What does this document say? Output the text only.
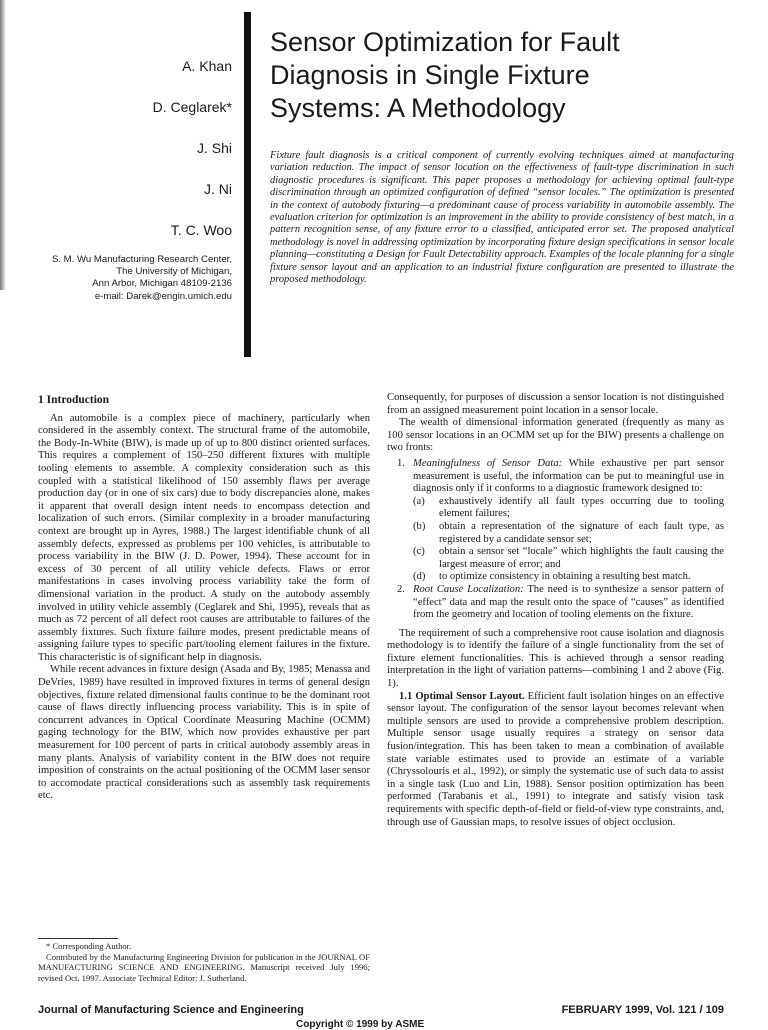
A. Khan
D. Ceglarek*
J. Shi
J. Ni
T. C. Woo
S. M. Wu Manufacturing Research Center,
The University of Michigan,
Ann Arbor, Michigan 48109-2136
e-mail: Darek@engin.umich.edu
Sensor Optimization for Fault
Diagnosis in Single Fixture
Systems: A Methodology
Fixture fault diagnosis is a critical component of currently evolving techniques aimed at manufacturing variation reduction. The impact of sensor location on the effectiveness of fault-type discrimination in such diagnostic procedures is significant. This paper proposes a methodology for achieving optimal fault-type discrimination through an optimized configuration of defined “sensor locales.” The optimization is presented in the context of autobody fixturing—a predominant cause of process variability in automobile assembly. The evaluation criterion for optimization is an improvement in the ability to provide consistency of best match, in a pattern recognition sense, of any fixture error to a classified, anticipated error set. The proposed analytical methodology is novel in addressing optimization by incorporating fixture design specifications in sensor locale planning—constituting a Design for Fault Detectability approach. Examples of the locale planning for a single fixture sensor layout and an application to an industrial fixture configuration are presented to illustrate the proposed methodology.
1 Introduction

An automobile is a complex piece of machinery, particularly when considered in the assembly context. The structural frame of the automobile, the Body-In-White (BIW), is made up of up to 800 distinct oriented surfaces. This requires a complement of 150–250 different fixtures with multiple tooling elements to assemble. A complexity consideration such as this coupled with a statistical likelihood of 150 assembly flaws per average production day (or in one of six cars) due to body discrepancies alone, makes it apparent that overall design intent needs to encompass detection and localization of such errors. (Similar complexity in a broader manufacturing context are brought up in Ayres, 1988.) The largest identifiable chunk of all assembly defects, expressed as problems per 100 vehicles, is attributable to process variability in the BIW (J. D. Power, 1994). These account for in excess of 30 percent of all utility vehicle defects. Flaws or error manifestations in cases involving process variability take the form of dimensional variation in the product. A study on the autobody assembly involved in utility vehicle assembly (Ceglarek and Shi, 1995), reveals that as much as 72 percent of all defect root causes are attributable to failures of the assembly fixtures. Such fixture failure modes, present predictable means of assigning failure types to specific part/tooling element failures in the fixture. This characteristic is of significant help in diagnosis.

While recent advances in fixture design (Asada and By, 1985; Menassa and DeVries, 1989) have resulted in improved fixtures in terms of general design objectives, fixture related dimensional faults continue to be the dominant root cause of flaws directly influencing process variability. This is in spite of concurrent advances in Optical Coordinate Measuring Machine (OCMM) gaging technology for the BIW, which now provides exhaustive per part measurement for 100 percent of parts in critical autobody assembly areas in many plants. Analysis of variability content in the BIW does not require imposition of constraints on the actual positioning of the OCMM laser sensor to accomodate practical considerations such as assembly task requirements etc.

* Corresponding Author.

Contributed by the Manufacturing Engineering Division for publication in the JOURNAL OF MANUFACTURING SCIENCE AND ENGINEERING. Manuscript received July 1996; revised Oct. 1997. Associate Technical Editor: J. Sutherland.

Consequently, for purposes of discussion a sensor location is not distinguished from an assigned measurement point location in a sensor locale.

The wealth of dimensional information generated (frequently as many as 100 sensor locations in an OCMM set up for the BIW) presents a challenge on two fronts:

1. Meaningfulness of Sensor Data: While exhaustive per part sensor measurement is useful, the information can be put to meaningful use in diagnosis only if it conforms to a diagnostic framework designed to:
(a) exhaustively identify all fault types occurring due to tooling element failures;
(b) obtain a representation of the signature of each fault type, as registered by a candidate sensor set;
(c) obtain a sensor set “locale” which highlights the fault causing the largest measure of error; and
(d) to optimize consistency in obtaining a resulting best match.
2. Root Cause Localization: The need is to synthesize a sensor pattern of “effect” data and map the result onto the space of “causes” as identified from the geometry and location of tooling elements on the fixture.

The requirement of such a comprehensive root cause isolation and diagnosis methodology is to identify the failure of a single functionality from the set of fixture element functionalities. This is achieved through a sensor reading interpretation in the light of variation patterns—combining 1 and 2 above (Fig. 1).

1.1 Optimal Sensor Layout. Efficient fault isolation hinges on an effective sensor layout. The configuration of the sensor layout becomes relevant when multiple sensors are used to provide a comprehensive problem description. Multiple sensor usage usually requires a strategy on sensor data fusion/integration. This has been taken to mean a combination of available state variable estimates used to provide an estimate of a variable (Chryssolouris et al., 1992), or simply the systematic use of such data to assist in a single task (Luo and Lin, 1988). Sensor position optimization has been performed (Tarabanis et al., 1991) to integrate and satisfy vision task requirements with specific depth-of-field or field-of-view type constraints, and, through use of Gaussian maps, to resolve issues of object occlusion.

Journal of Manufacturing Science and Engineering	FEBRUARY 1999, Vol. 121 / 109
Copyright © 1999 by ASME
